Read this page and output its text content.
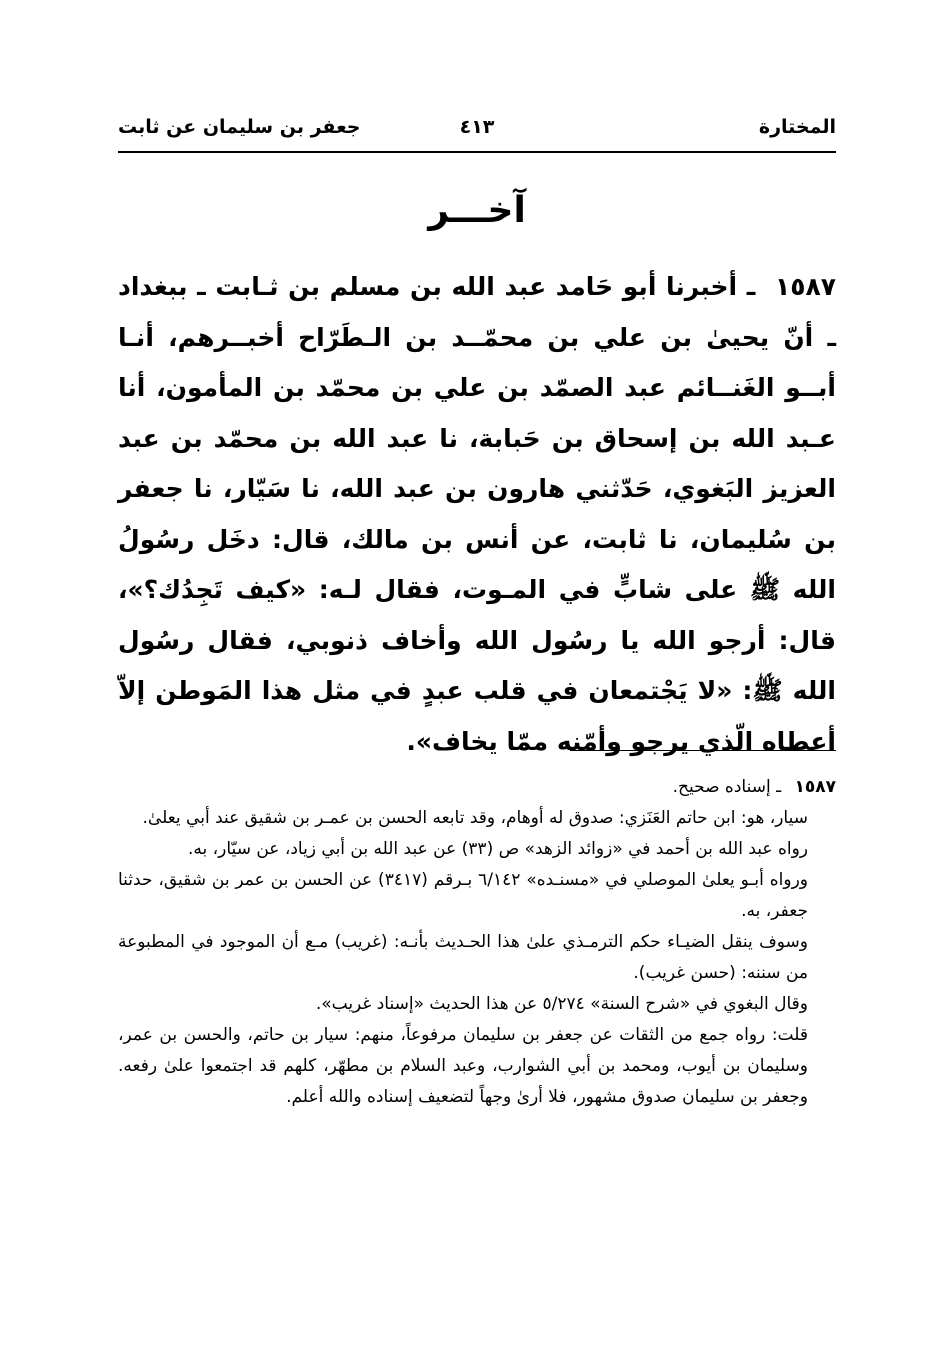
المختارة
٤١٣
جعفر بن سليمان عن ثابت
آخـــر
١٥٨٧ ـ أخبرنا أبو حَامد عبد الله بن مسلم بن ثـابت ـ ببغداد ـ أنّ يحيىٰ بن علي بن محمّــد بن الـطَرّاح أخبــرهم، أنـا أبــو الغَنــائم عبد الصمّد بن علي بن محمّد بن المأمون، أنا عـبد الله بن إسحاق بن حَبابة، نا عبد الله بن محمّد بن عبد العزيز البَغوي، حَدّثني هارون بن عبد الله، نا سَيّار، نا جعفر بن سُليمان، نا ثابت، عن أنس بن مالك، قال: دخَل رسُولُ الله ﷺ على شابٍّ في المـوت، فقال لـه: «كيف تَجِدُك؟»، قال: أرجو الله يا رسُول الله وأخاف ذنوبي، فقال رسُول الله ﷺ: «لا يَجْتمعان في قلب عبدٍ في مثل هذا المَوطن إلاّ أعطاه الّذي يرجو وأمّنه ممّا يخاف».
١٥٨٧ ـ إسناده صحيح.
سيار، هو: ابن حاتم العَنَزي: صدوق له أوهام، وقد تابعه الحسن بن عمـر بن شقيق عند أبي يعلىٰ.
رواه عبد الله بن أحمد في «زوائد الزهد» ص (٣٣) عن عبد الله بن أبي زياد، عن سيّار، به.
ورواه أبـو يعلىٰ الموصلي في «مسنـده» ٦/١٤٢ بـرقم (٣٤١٧) عن الحسن بن عمر بن شقيق، حدثنا جعفر، به.
وسوف ينقل الضيـاء حكم الترمـذي علىٰ هذا الحـديث بأنـه: (غريب) مـع أن الموجود في المطبوعة من سننه: (حسن غريب).
وقال البغوي في «شرح السنة» ٥/٢٧٤ عن هذا الحديث «إسناد غريب».
قلت: رواه جمع من الثقات عن جعفر بن سليمان مرفوعاً، منهم: سيار بن حاتم، والحسن بن عمر، وسليمان بن أيوب، ومحمد بن أبي الشوارب، وعبد السلام بن مطهّر، كلهم قد اجتمعوا علىٰ رفعه. وجعفر بن سليمان صدوق مشهور، فلا أرىٰ وجهاً لتضعيف إسناده والله أعلم.
